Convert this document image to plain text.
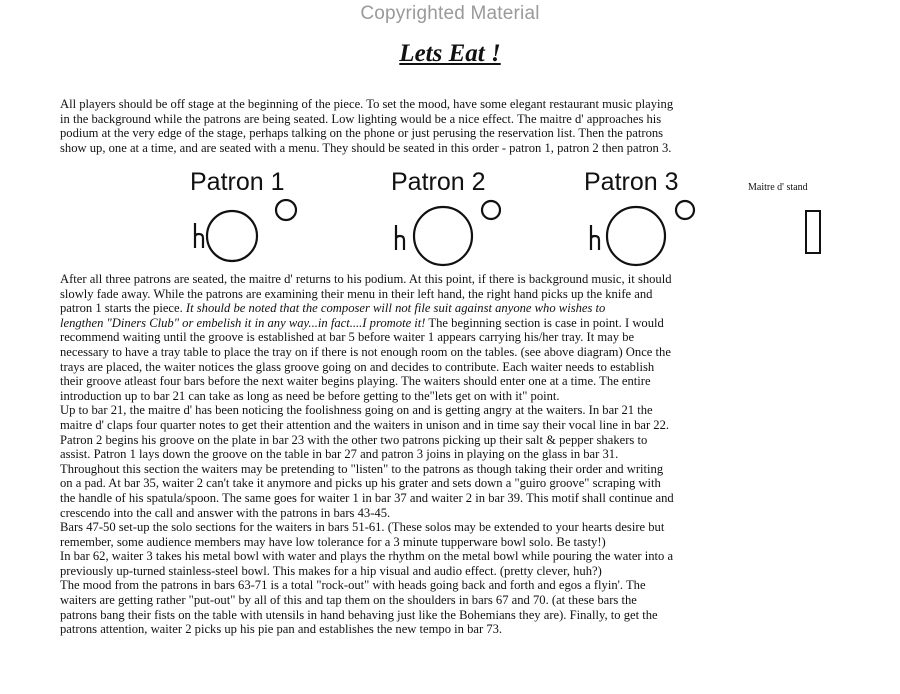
Copyrighted Material
Lets Eat !
All players should be off stage at the beginning of the piece. To set the mood, have some elegant restaurant music playing
in the background while the patrons are being seated. Low lighting would be a nice effect. The maitre d' approaches his
podium at the very edge of the stage, perhaps talking on the phone or just perusing the reservation list. Then the patrons
show up, one at a time, and are seated with a menu. They should be seated in this order - patron 1, patron 2 then patron 3.
Patron 1	Patron 2	Patron 3	Maitre d' stand
After all three patrons are seated, the maitre d' returns to his podium. At this point, if there is background music, it should
slowly fade away. While the patrons are examining their menu in their left hand, the right hand picks up the knife and
patron 1 starts the piece. It should be noted that the composer will not file suit against anyone who wishes to
lengthen "Diners Club" or embelish it in any way...in fact....I promote it! The beginning section is case in point. I would
recommend waiting until the groove is established at bar 5 before waiter 1 appears carrying his/her tray. It may be
necessary to have a tray table to place the tray on if there is not enough room on the tables. (see above diagram) Once the
trays are placed, the waiter notices the glass groove going on and decides to contribute. Each waiter needs to establish
their groove atleast four bars before the next waiter begins playing. The waiters should enter one at a time. The entire
introduction up to bar 21 can take as long as need be before getting to the"lets get on with it" point.
Up to bar 21, the maitre d' has been noticing the foolishness going on and is getting angry at the waiters. In bar 21 the
maitre d' claps four quarter notes to get their attention and the waiters in unison and in time say their vocal line in bar 22.
Patron 2 begins his groove on the plate in bar 23 with the other two patrons picking up their salt & pepper shakers to
assist. Patron 1 lays down the groove on the table in bar 27 and patron 3 joins in playing on the glass in bar 31.
Throughout this section the waiters may be pretending to "listen" to the patrons as though taking their order and writing
on a pad. At bar 35, waiter 2 can't take it anymore and picks up his grater and sets down a "guiro groove" scraping with
the handle of his spatula/spoon. The same goes for waiter 1 in bar 37 and waiter 2 in bar 39. This motif shall continue and
crescendo into the call and answer with the patrons in bars 43-45.
Bars 47-50 set-up the solo sections for the waiters in bars 51-61. (These solos may be extended to your hearts desire but
remember, some audience members may have low tolerance for a 3 minute tupperware bowl solo. Be tasty!)
In bar 62, waiter 3 takes his metal bowl with water and plays the rhythm on the metal bowl while pouring the water into a
previously up-turned stainless-steel bowl. This makes for a hip visual and audio effect. (pretty clever, huh?)
The mood from the patrons in bars 63-71 is a total "rock-out" with heads going back and forth and egos a flyin'. The
waiters are getting rather "put-out" by all of this and tap them on the shoulders in bars 67 and 70. (at these bars the
patrons bang their fists on the table with utensils in hand behaving just like the Bohemians they are). Finally, to get the
patrons attention, waiter 2 picks up his pie pan and establishes the new tempo in bar 73.
